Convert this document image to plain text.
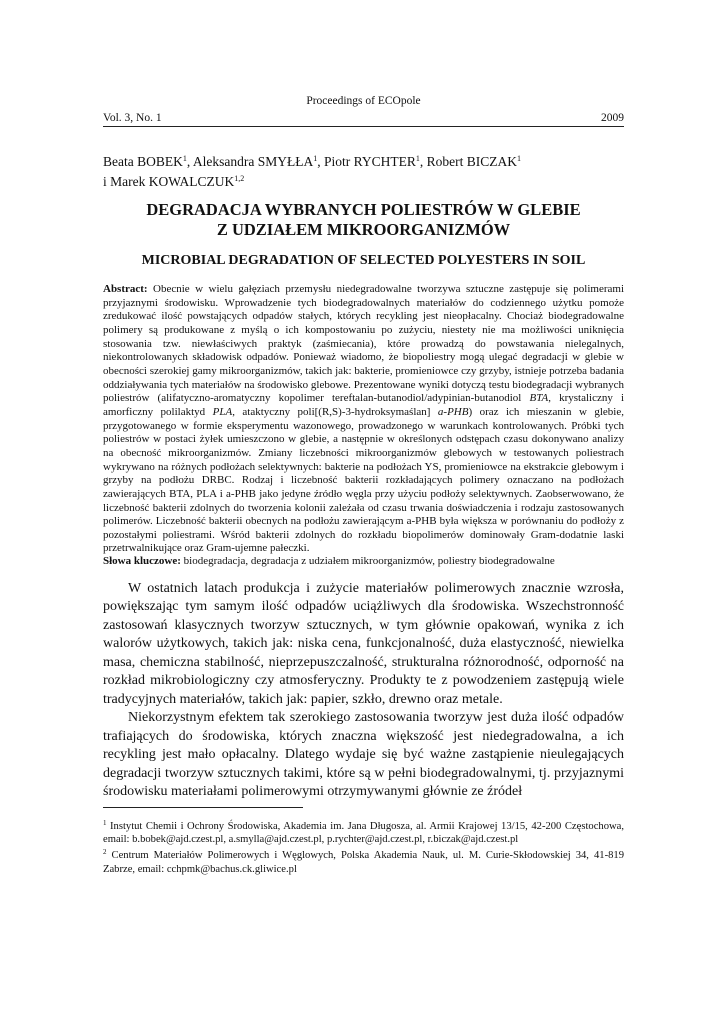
Proceedings of ECOpole
Vol. 3, No. 1	2009
Beata BOBEK$^1$, Aleksandra SMYŁŁA$^1$, Piotr RYCHTER$^1$, Robert BICZAK$^1$
i Marek KOWALCZUK$^{1,2}$
DEGRADACJA WYBRANYCH POLIESTRÓW W GLEBIE
Z UDZIAŁEM MIKROORGANIZMÓW
MICROBIAL DEGRADATION OF SELECTED POLYESTERS IN SOIL
Abstract: Obecnie w wielu gałęziach przemysłu niedegradowalne tworzywa sztuczne zastępuje się polimerami przyjaznymi środowisku. Wprowadzenie tych biodegradowalnych materiałów do codziennego użytku pomoże zredukować ilość powstających odpadów stałych, których recykling jest nieopłacalny. Chociaż biodegradowalne polimery są produkowane z myślą o ich kompostowaniu po zużyciu, niestety nie ma możliwości uniknięcia stosowania tzw. niewłaściwych praktyk (zaśmiecania), które prowadzą do powstawania nielegalnych, niekontrolowanych składowisk odpadów. Ponieważ wiadomo, że biopoliestry mogą ulegać degradacji w glebie w obecności szerokiej gamy mikroorganizmów, takich jak: bakterie, promieniowce czy grzyby, istnieje potrzeba badania oddziaływania tych materiałów na środowisko glebowe. Prezentowane wyniki dotyczą testu biodegradacji wybranych poliestrów (alifatyczno-aromatyczny kopolimer tereftalan-butanodiol/adypinian-butanodiol BTA, krystaliczny i amorficzny polilaktyd PLA, ataktyczny poli[(R,S)-3-hydroksymaślan] a-PHB) oraz ich mieszanin w glebie, przygotowanego w formie eksperymentu wazonowego, prowadzonego w warunkach kontrolowanych. Próbki tych poliestrów w postaci żyłek umieszczono w glebie, a następnie w określonych odstępach czasu dokonywano analizy na obecność mikroorganizmów. Zmiany liczebności mikroorganizmów glebowych w testowanych poliestrach wykrywano na różnych podłożach selektywnych: bakterie na podłożach YS, promieniowce na ekstrakcie glebowym i grzyby na podłożu DRBC. Rodzaj i liczebność bakterii rozkładających polimery oznaczano na podłożach zawierających BTA, PLA i a-PHB jako jedyne źródło węgla przy użyciu podłoży selektywnych. Zaobserwowano, że liczebność bakterii zdolnych do tworzenia kolonii zależała od czasu trwania doświadczenia i rodzaju zastosowanych polimerów. Liczebność bakterii obecnych na podłożu zawierającym a-PHB była większa w porównaniu do podłoży z pozostałymi poliestrami. Wśród bakterii zdolnych do rozkładu biopolimerów dominowały Gram-dodatnie laski przetrwalnikujące oraz Gram-ujemne pałeczki.
Słowa kluczowe: biodegradacja, degradacja z udziałem mikroorganizmów, poliestry biodegradowalne

W ostatnich latach produkcja i zużycie materiałów polimerowych znacznie wzrosła, powiększając tym samym ilość odpadów uciążliwych dla środowiska. Wszechstronność zastosowań klasycznych tworzyw sztucznych, w tym głównie opakowań, wynika z ich walorów użytkowych, takich jak: niska cena, funkcjonalność, duża elastyczność, niewielka masa, chemiczna stabilność, nieprzepuszczalność, strukturalna różnorodność, odporność na rozkład mikrobiologiczny czy atmosferyczny. Produkty te z powodzeniem zastępują wiele tradycyjnych materiałów, takich jak: papier, szkło, drewno oraz metale.

Niekorzystnym efektem tak szerokiego zastosowania tworzyw jest duża ilość odpadów trafiających do środowiska, których znaczna większość jest niedegradowalna, a ich recykling jest mało opłacalny. Dlatego wydaje się być ważne zastąpienie nieulegających degradacji tworzyw sztucznych takimi, które są w pełni biodegradowalnymi, tj. przyjaznymi środowisku materiałami polimerowymi otrzymywanymi głównie ze źródeł

$^1$ Instytut Chemii i Ochrony Środowiska, Akademia im. Jana Długosza, al. Armii Krajowej 13/15, 42-200 Częstochowa, email: b.bobek@ajd.czest.pl, a.smylla@ajd.czest.pl, p.rychter@ajd.czest.pl, r.biczak@ajd.czest.pl

$^2$ Centrum Materiałów Polimerowych i Węglowych, Polska Akademia Nauk, ul. M. Curie-Skłodowskiej 34, 41-819 Zabrze, email: cchpmk@bachus.ck.gliwice.pl
